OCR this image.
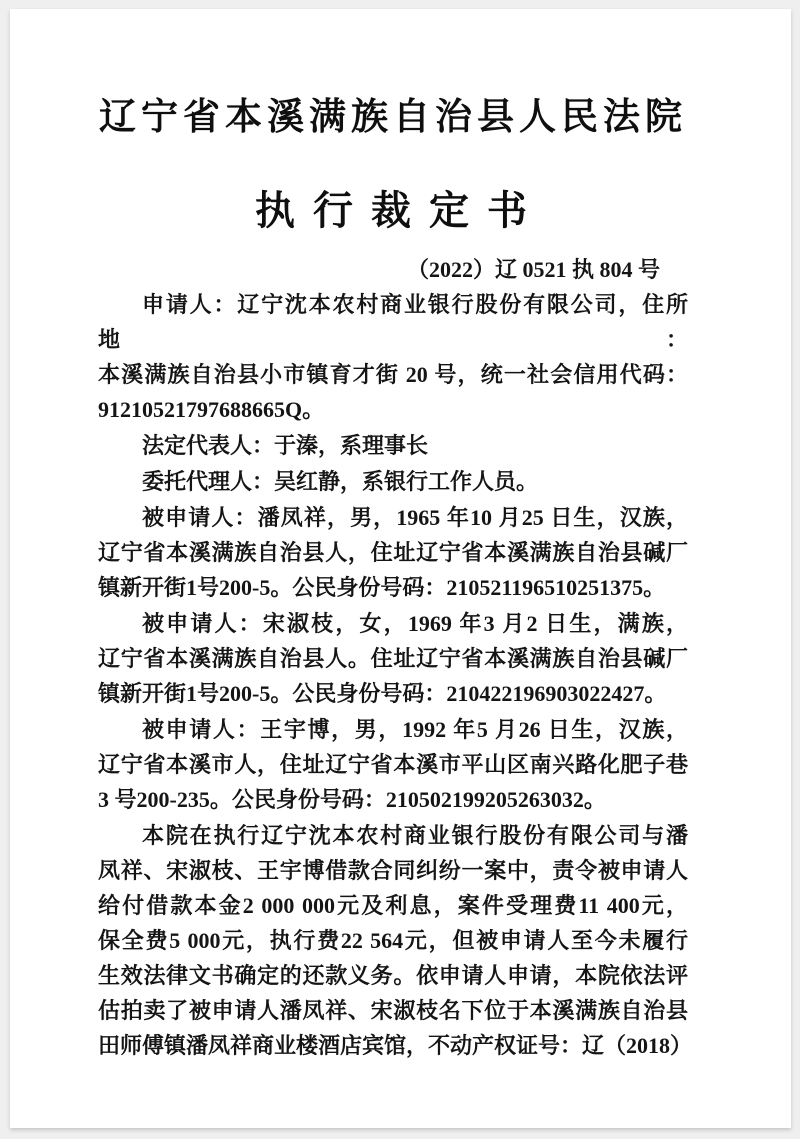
辽宁省本溪满族自治县人民法院
执 行 裁 定 书
（2022）辽 0521 执 804 号
申请人：辽宁沈本农村商业银行股份有限公司，住所地：
本溪满族自治县小市镇育才街 20 号，统一社会信用代码：
91210521797688665Q。
法定代表人：于溱，系理事长
委托代理人：吴红静，系银行工作人员。
被申请人：潘凤祥，男，1965 年10 月25 日生，汉族，
辽宁省本溪满族自治县人，住址辽宁省本溪满族自治县碱厂
镇新开街1号200-5。公民身份号码：210521196510251375。
被申请人：宋淑枝，女，1969 年3 月2 日生，满族，
辽宁省本溪满族自治县人。住址辽宁省本溪满族自治县碱厂
镇新开街1号200-5。公民身份号码：210422196903022427。
被申请人：王宇博，男，1992 年5 月26 日生，汉族，
辽宁省本溪市人，住址辽宁省本溪市平山区南兴路化肥子巷
3 号200-235。公民身份号码：210502199205263032。
本院在执行辽宁沈本农村商业银行股份有限公司与潘
凤祥、宋淑枝、王宇博借款合同纠纷一案中，责令被申请人
给付借款本金2 000 000元及利息，案件受理费11 400元，
保全费5 000元，执行费22 564元，但被申请人至今未履行
生效法律文书确定的还款义务。依申请人申请，本院依法评
估拍卖了被申请人潘凤祥、宋淑枝名下位于本溪满族自治县
田师傅镇潘凤祥商业楼酒店宾馆，不动产权证号：辽（2018）
